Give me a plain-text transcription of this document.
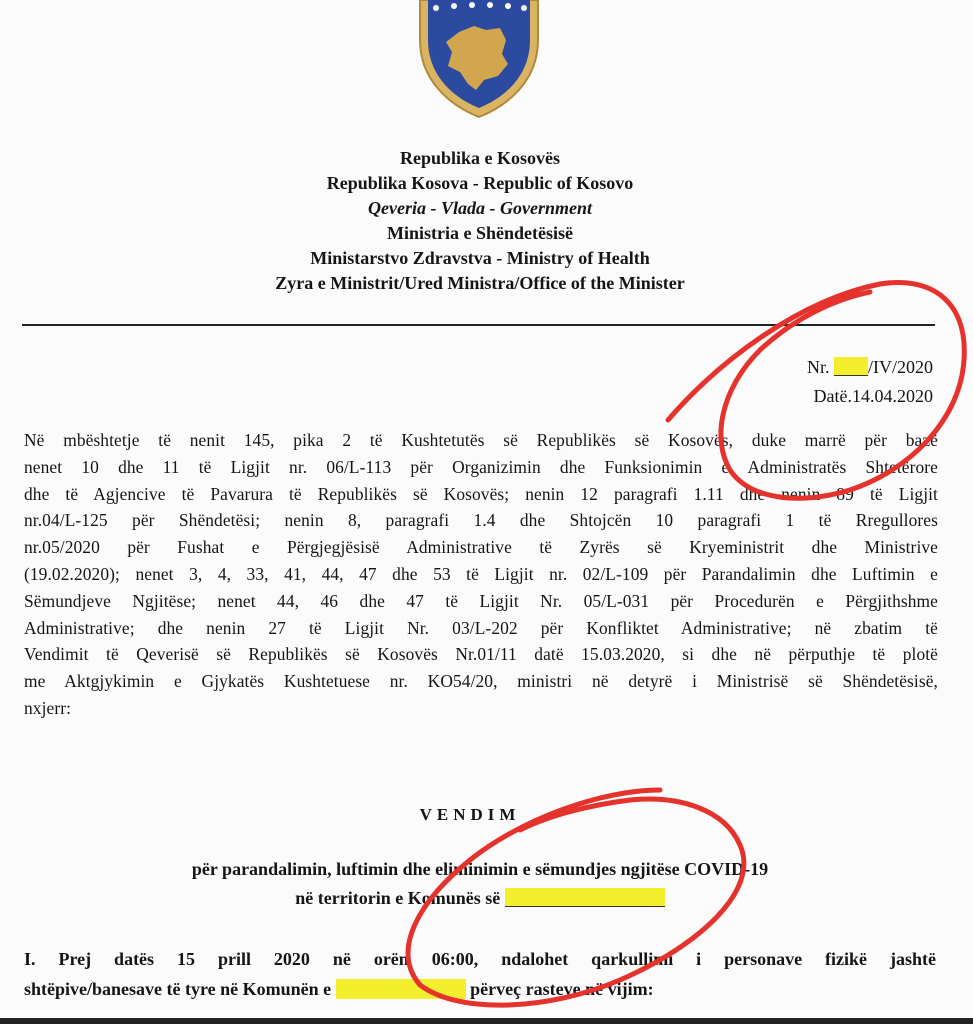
Republika e Kosovës
Republika Kosova - Republic of Kosovo
Qeveria - Vlada - Government
Ministria e Shëndetësisë
Ministarstvo Zdravstva - Ministry of Health
Zyra e Ministrit/Ured Ministra/Office of the Minister
Nr. /IV/2020
Datë.14.04.2020
Në mbështetje të nenit 145, pika 2 të Kushtetutës së Republikës së Kosovës, duke marrë për bazë
nenet 10 dhe 11 të Ligjit nr. 06/L-113 për Organizimin dhe Funksionimin e Administratës Shtetërore
dhe të Agjencive të Pavarura të Republikës së Kosovës; nenin 12 paragrafi 1.11 dhe nenin 89 të Ligjit
nr.04/L-125 për Shëndetësi; nenin 8, paragrafi 1.4 dhe Shtojcën 10 paragrafi 1 të Rregullores
nr.05/2020 për Fushat e Përgjegjësisë Administrative të Zyrës së Kryeministrit dhe Ministrive
(19.02.2020); nenet 3, 4, 33, 41, 44, 47 dhe 53 të Ligjit nr. 02/L-109 për Parandalimin dhe Luftimin e
Sëmundjeve Ngjitëse; nenet 44, 46 dhe 47 të Ligjit Nr. 05/L-031 për Procedurën e Përgjithshme
Administrative; dhe nenin 27 të Ligjit Nr. 03/L-202 për Konfliktet Administrative; në zbatim të
Vendimit të Qeverisë së Republikës së Kosovës Nr.01/11 datë 15.03.2020, si dhe në përputhje të plotë
me Aktgjykimin e Gjykatës Kushtetuese nr. KO54/20, ministri në detyrë i Ministrisë së Shëndetësisë,
nxjerr:
VENDIM
për parandalimin, luftimin dhe eliminimin e sëmundjes ngjitëse COVID-19
në territorin e Komunës së
I. Prej datës 15 prill 2020 në orën 06:00, ndalohet qarkullimi i personave fizikë jashtë
shtëpive/banesave të tyre në Komunën e	përveç rasteve në vijim:
